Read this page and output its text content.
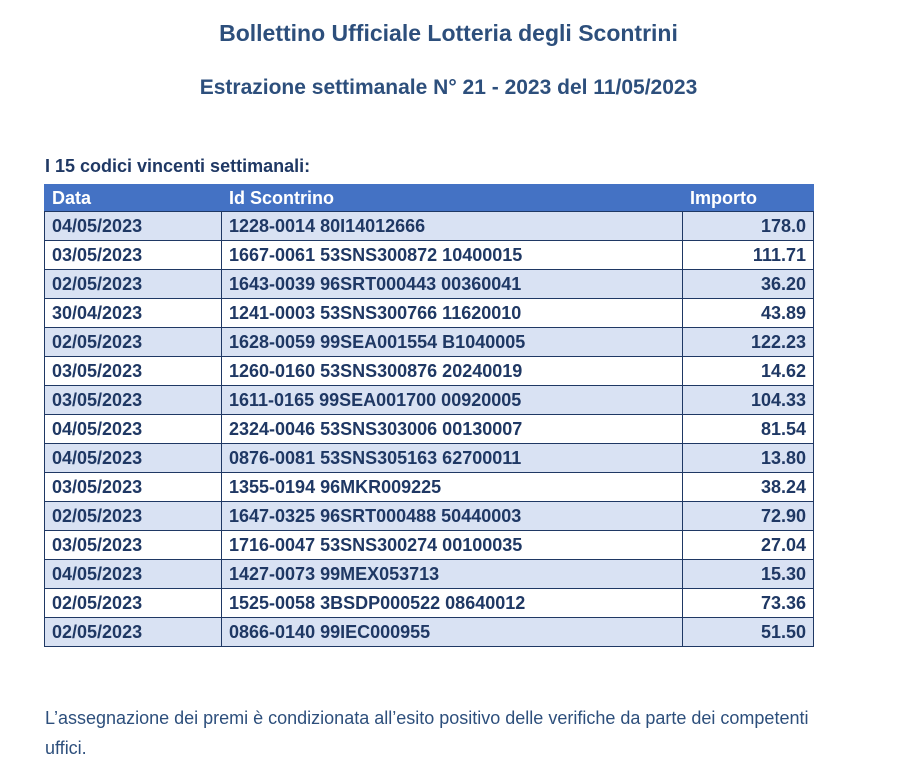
Bollettino Ufficiale Lotteria degli Scontrini
Estrazione settimanale N° 21 - 2023 del 11/05/2023

I 15 codici vincenti settimanali:

Data	Id Scontrino	Importo
04/05/2023	1228-0014 80I14012666	178.0
03/05/2023	1667-0061 53SNS300872 10400015	111.71
02/05/2023	1643-0039 96SRT000443 00360041	36.20
30/04/2023	1241-0003 53SNS300766 11620010	43.89
02/05/2023	1628-0059 99SEA001554 B1040005	122.23
03/05/2023	1260-0160 53SNS300876 20240019	14.62
03/05/2023	1611-0165 99SEA001700 00920005	104.33
04/05/2023	2324-0046 53SNS303006 00130007	81.54
04/05/2023	0876-0081 53SNS305163 62700011	13.80
03/05/2023	1355-0194 96MKR009225	38.24
02/05/2023	1647-0325 96SRT000488 50440003	72.90
03/05/2023	1716-0047 53SNS300274 00100035	27.04
04/05/2023	1427-0073 99MEX053713	15.30
02/05/2023	1525-0058 3BSDP000522 08640012	73.36
02/05/2023	0866-0140 99IEC000955	51.50

L’assegnazione dei premi è condizionata all’esito positivo delle verifiche da parte dei competenti uffici.
